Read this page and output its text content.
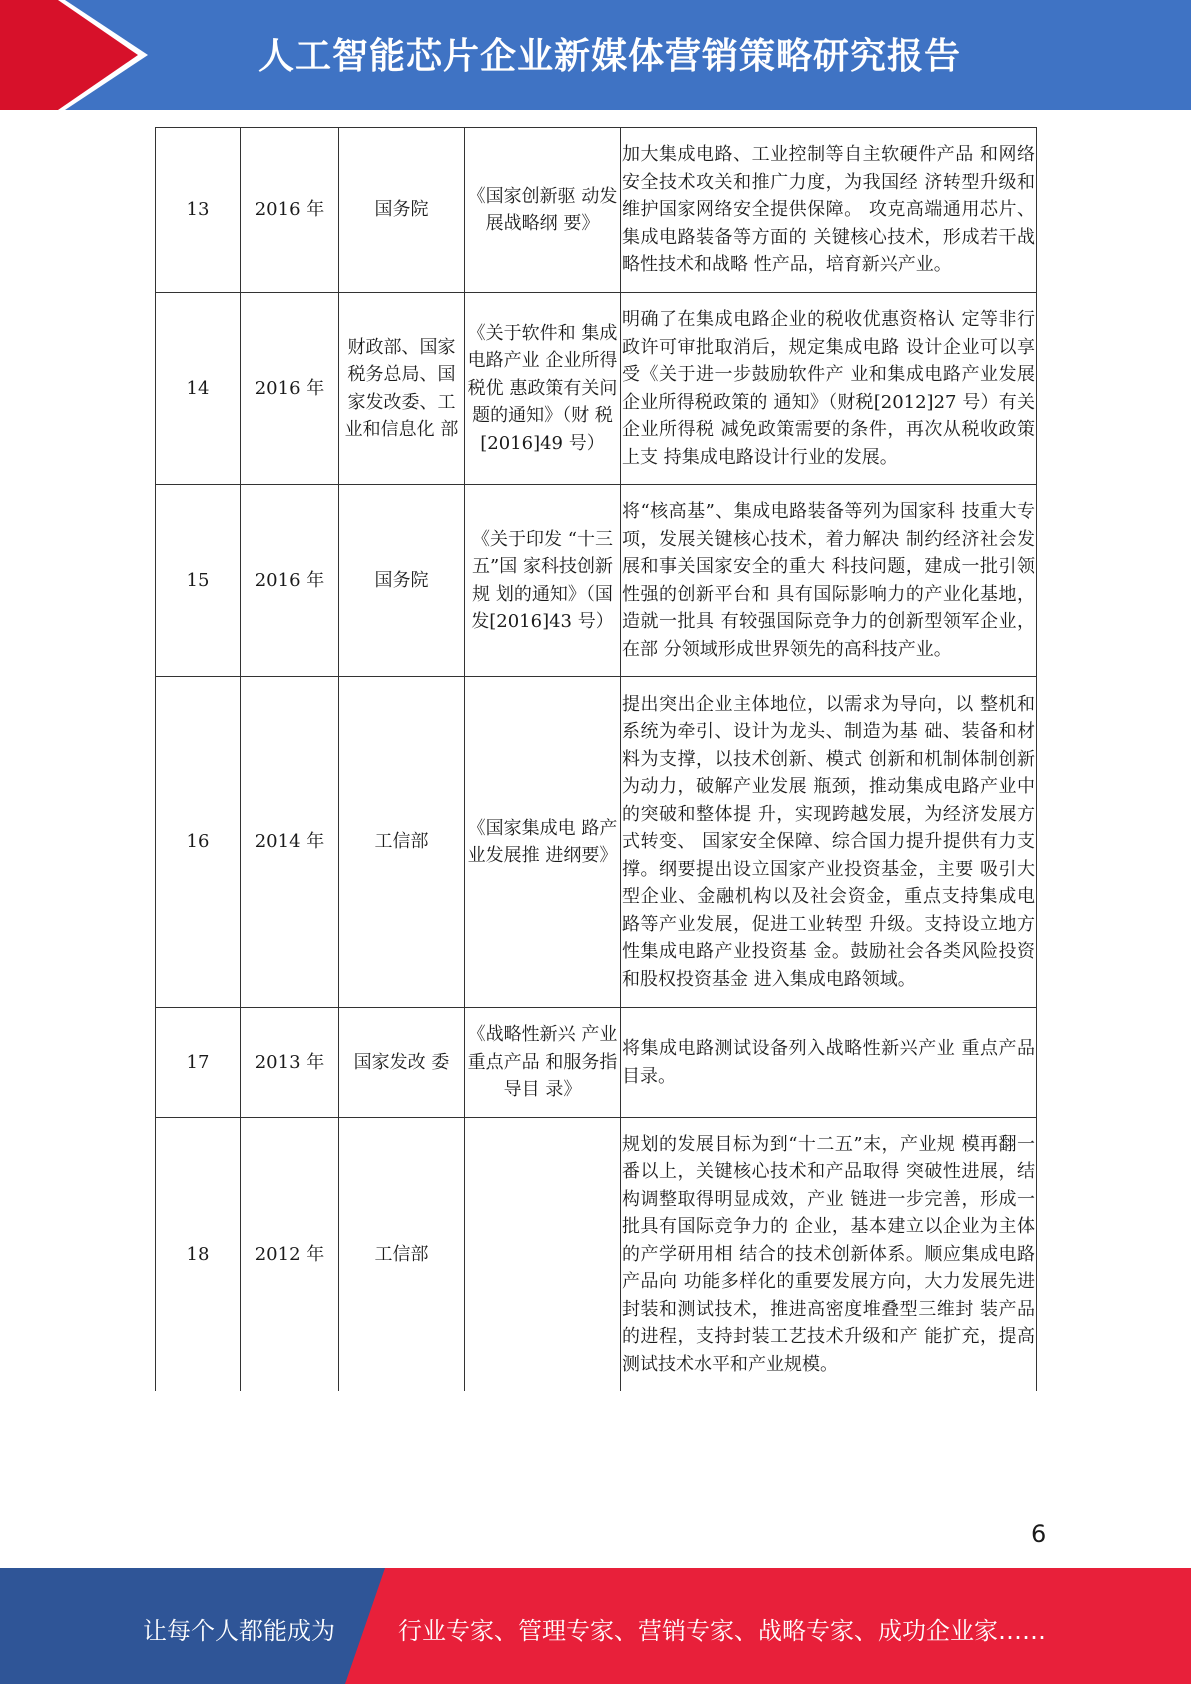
人工智能芯片企业新媒体营销策略研究报告
13	2016 年	国务院	《国家创新驱 动发展战略纲 要》	加大集成电路、工业控制等自主软硬件产品 和网络安全技术攻关和推广力度，为我国经 济转型升级和维护国家网络安全提供保障。 攻克高端通用芯片、集成电路装备等方面的 关键核心技术，形成若干战略性技术和战略 性产品，培育新兴产业。
14	2016 年	财政部、国家税务总局、国家发改委、工业和信息化 部	《关于软件和 集成电路产业 企业所得税优 惠政策有关问 题的通知》（财 税[2016]49 号）	明确了在集成电路企业的税收优惠资格认 定等非行政许可审批取消后，规定集成电路 设计企业可以享受《关于进一步鼓励软件产 业和集成电路产业发展企业所得税政策的 通知》（财税[2012]27 号）有关企业所得税 减免政策需要的条件，再次从税收政策上支 持集成电路设计行业的发展。
15	2016 年	国务院	《关于印发 “十三五”国 家科技创新规 划的通知》（国 发[2016]43 号）	将“核高基”、集成电路装备等列为国家科 技重大专项，发展关键核心技术，着力解决 制约经济社会发展和事关国家安全的重大 科技问题，建成一批引领性强的创新平台和 具有国际影响力的产业化基地，造就一批具 有较强国际竞争力的创新型领军企业，在部 分领域形成世界领先的高科技产业。
16	2014 年	工信部	《国家集成电 路产业发展推 进纲要》	提出突出企业主体地位，以需求为导向，以 整机和系统为牵引、设计为龙头、制造为基 础、装备和材料为支撑，以技术创新、模式 创新和机制体制创新为动力，破解产业发展 瓶颈，推动集成电路产业中的突破和整体提 升，实现跨越发展，为经济发展方式转变、 国家安全保障、综合国力提升提供有力支 撑。纲要提出设立国家产业投资基金，主要 吸引大型企业、金融机构以及社会资金，重点支持集成电路等产业发展，促进工业转型 升级。支持设立地方性集成电路产业投资基 金。鼓励社会各类风险投资和股权投资基金 进入集成电路领域。
17	2013 年	国家发改 委	《战略性新兴 产业重点产品 和服务指导目 录》	将集成电路测试设备列入战略性新兴产业 重点产品目录。
18	2012 年	工信部		规划的发展目标为到“十二五”末，产业规 模再翻一番以上，关键核心技术和产品取得 突破性进展，结构调整取得明显成效，产业 链进一步完善，形成一批具有国际竞争力的 企业，基本建立以企业为主体的产学研用相 结合的技术创新体系。顺应集成电路产品向 功能多样化的重要发展方向，大力发展先进 封装和测试技术，推进高密度堆叠型三维封 装产品的进程，支持封装工艺技术升级和产 能扩充，提高测试技术水平和产业规模。
6
让每个人都能成为	行业专家、管理专家、营销专家、战略专家、成功企业家……
